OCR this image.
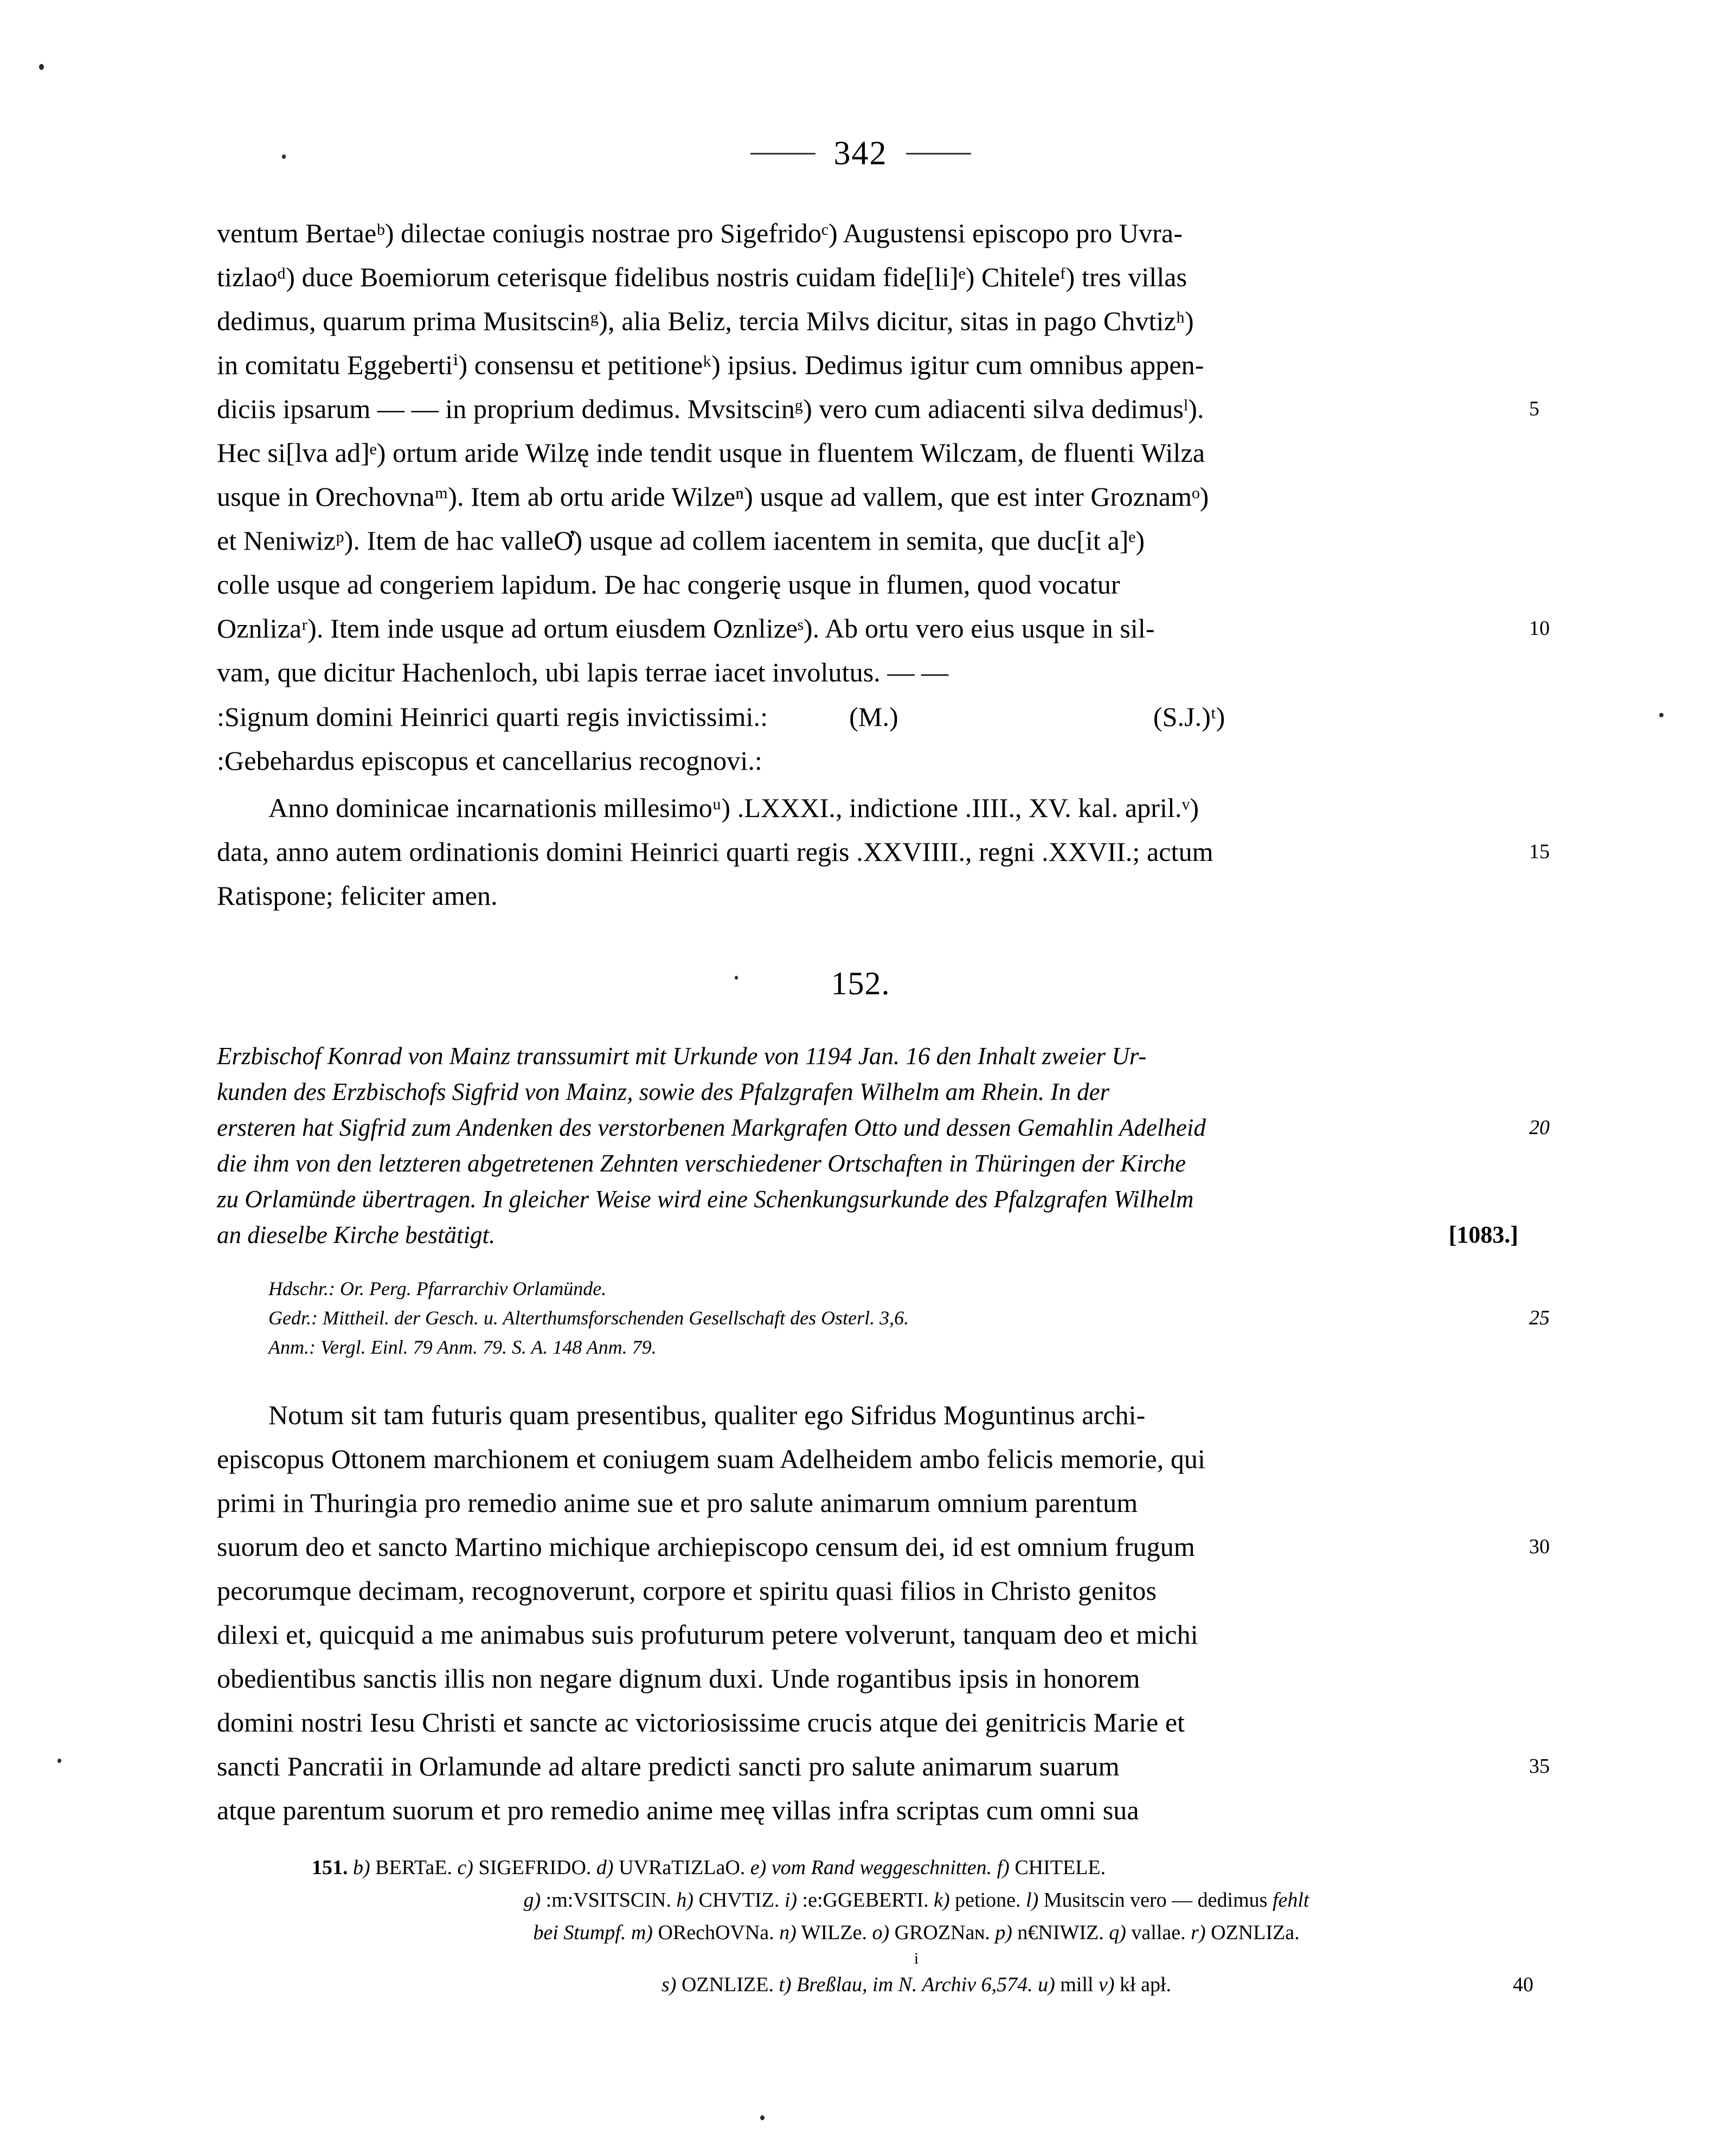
342
ventum Bertaeᵇ) dilectae coniugis nostrae pro Sigefridoᶜ) Augustensi episcopo pro Uvra-
tizlaoᵈ) duce Boemiorum ceterisque fidelibus nostris cuidam fide[li]ᵉ) Chiteleᶠ) tres villas
dedimus, quarum prima Musitscinᵍ), alia Beliz, tercia Milvs dicitur, sitas in pago Chvtizʰ)
in comitatu Eggebertiⁱ) consensu et petitioneᵏ) ipsius. Dedimus igitur cum omnibus appen-
diciis ipsarum — — in proprium dedimus. Mvsitscinᵍ) vero cum adiacenti silva dedimusˡ).	5
Hec si[lva ad]ᵉ) ortum aride Wilzę inde tendit usque in fluentem Wilczam, de fluenti Wilza
usque in Orechovnaᵐ). Item ab ortu aride Wilzeⁿ) usque ad vallem, que est inter Groznamᵒ)
et Neniwizᵖ). Item de hac valleƠ) usque ad collem iacentem in semita, que duc[it a]ᵉ)
colle usque ad congeriem lapidum. De hac congerię usque in flumen, quod vocatur
Oznlizaʳ). Item inde usque ad ortum eiusdem Oznlizeˢ). Ab ortu vero eius usque in sil-	10
vam, que dicitur Hachenloch, ubi lapis terrae iacet involutus. — —
:Signum domini Heinrici quarti regis invictissimi.:	(M.)	(S.J.)ᵗ)
:Gebehardus episcopus et cancellarius recognovi.:
Anno dominicae incarnationis millesimoᵘ) .LXXXI., indictione .IIII., XV. kal. april.ᵛ)
data, anno autem ordinationis domini Heinrici quarti regis .XXVIIII., regni .XXVII.; actum	15
Ratispone; feliciter amen.
152.
Erzbischof Konrad von Mainz transsumirt mit Urkunde von 1194 Jan. 16 den Inhalt zweier Ur-
kunden des Erzbischofs Sigfrid von Mainz, sowie des Pfalzgrafen Wilhelm am Rhein. In der
ersteren hat Sigfrid zum Andenken des verstorbenen Markgrafen Otto und dessen Gemahlin Adelheid	20
die ihm von den letzteren abgetretenen Zehnten verschiedener Ortschaften in Thüringen der Kirche
zu Orlamünde übertragen. In gleicher Weise wird eine Schenkungsurkunde des Pfalzgrafen Wilhelm
an dieselbe Kirche bestätigt.	[1083.]
Hdschr.: Or. Perg. Pfarrarchiv Orlamünde.
Gedr.: Mittheil. der Gesch. u. Alterthumsforschenden Gesellschaft des Osterl. 3,6.	25
Anm.: Vergl. Einl. 79 Anm. 79. S. A. 148 Anm. 79.
Notum sit tam futuris quam presentibus, qualiter ego Sifridus Moguntinus archi-
episcopus Ottonem marchionem et coniugem suam Adelheidem ambo felicis memorie, qui
primi in Thuringia pro remedio anime sue et pro salute animarum omnium parentum
suorum deo et sancto Martino michique archiepiscopo censum dei, id est omnium frugum	30
pecorumque decimam, recognoverunt, corpore et spiritu quasi filios in Christo genitos
dilexi et, quicquid a me animabus suis profuturum petere volverunt, tanquam deo et michi
obedientibus sanctis illis non negare dignum duxi. Unde rogantibus ipsis in honorem
domini nostri Iesu Christi et sancte ac victoriosissime crucis atque dei genitricis Marie et
sancti Pancratii in Orlamunde ad altare predicti sancti pro salute animarum suarum	35
atque parentum suorum et pro remedio anime meę villas infra scriptas cum omni sua
151. b) BERTaE. c) SIGEFRIDO. d) UVRaTIZLaO. e) vom Rand weggeschnitten. f) CHITELE.
g) :m:VSITSCIN. h) CHVTIZ. i) :e:GGEBERTI. k) petione. l) Musitscin vero — dedimus fehlt
bei Stumpf. m) ORechOVNa. n) WILZe. o) GROZNaɴ. p) n€NIWIZ. q) vallae. r) OZNLIZa.
i
s) OZNLIZE. t) Breßlau, im N. Archiv 6,574. u) mill v) kł apł.	40
